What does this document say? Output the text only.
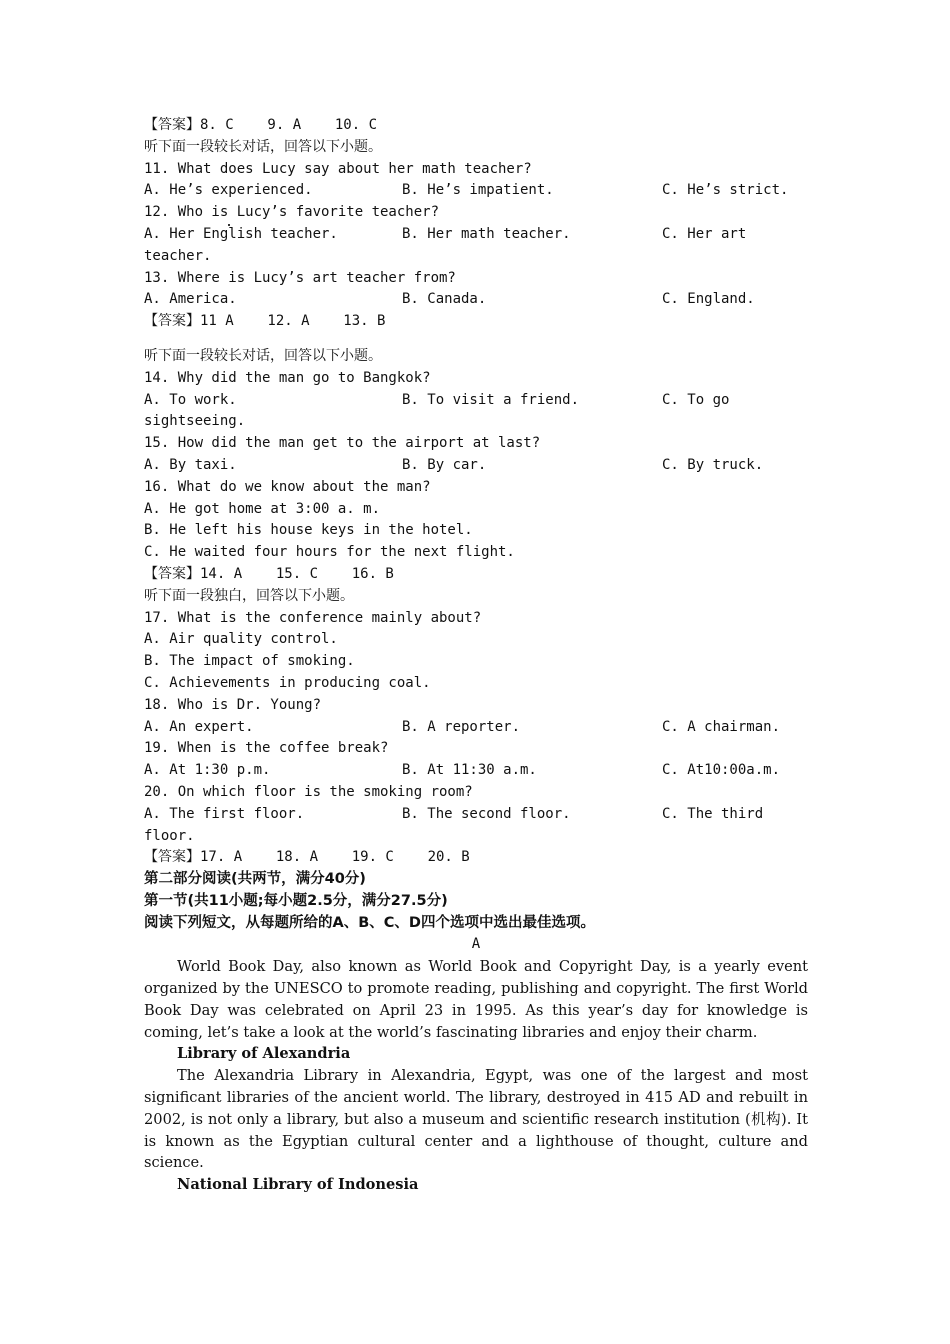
【答案】8. C    9. A    10. C
听下面一段较长对话，回答以下小题。
11. What does Lucy say about her math teacher?
A. He’s experienced.	B. He’s impatient.	C. He’s strict.
12. Who is Lucy’s favorite teacher?
A. Her English teacher.	B. Her math teacher.	C. Her art
teacher.
13. Where is Lucy’s art teacher from?
A. America.	B. Canada.	C. England.
【答案】11 A    12. A    13. B
听下面一段较长对话，回答以下小题。
14. Why did the man go to Bangkok?
A. To work.	B. To visit a friend.	C. To go
sightseeing.
15. How did the man get to the airport at last?
A. By taxi.	B. By car.	C. By truck.
16. What do we know about the man?
A. He got home at 3:00 a. m.
B. He left his house keys in the hotel.
C. He waited four hours for the next flight.
【答案】14. A    15. C    16. B
听下面一段独白，回答以下小题。
17. What is the conference mainly about?
A. Air quality control.
B. The impact of smoking.
C. Achievements in producing coal.
18. Who is Dr. Young?
A. An expert.	B. A reporter.	C. A chairman.
19. When is the coffee break?
A. At 1:30 p.m.	B. At 11:30 a.m.	C. At10:00a.m.
20. On which floor is the smoking room?
A. The first floor.	B. The second floor.	C. The third
floor.
【答案】17. A    18. A    19. C    20. B
第二部分阅读(共两节，满分40分)
第一节(共11小题;每小题2.5分，满分27.5分)
阅读下列短文，从每题所给的A、B、C、D四个选项中选出最佳选项。
A
World Book Day, also known as World Book and Copyright Day, is a yearly event organized by the UNESCO to promote reading, publishing and copyright. The first World Book Day was celebrated on April 23 in 1995. As this year’s day for knowledge is coming, let’s take a look at the world’s fascinating libraries and enjoy their charm.
Library of Alexandria
The Alexandria Library in Alexandria, Egypt, was one of the largest and most significant libraries of the ancient world. The library, destroyed in 415 AD and rebuilt in 2002, is not only a library, but also a museum and scientific research institution (机构). It is known as the Egyptian cultural center and a lighthouse of thought, culture and science.
National Library of Indonesia
